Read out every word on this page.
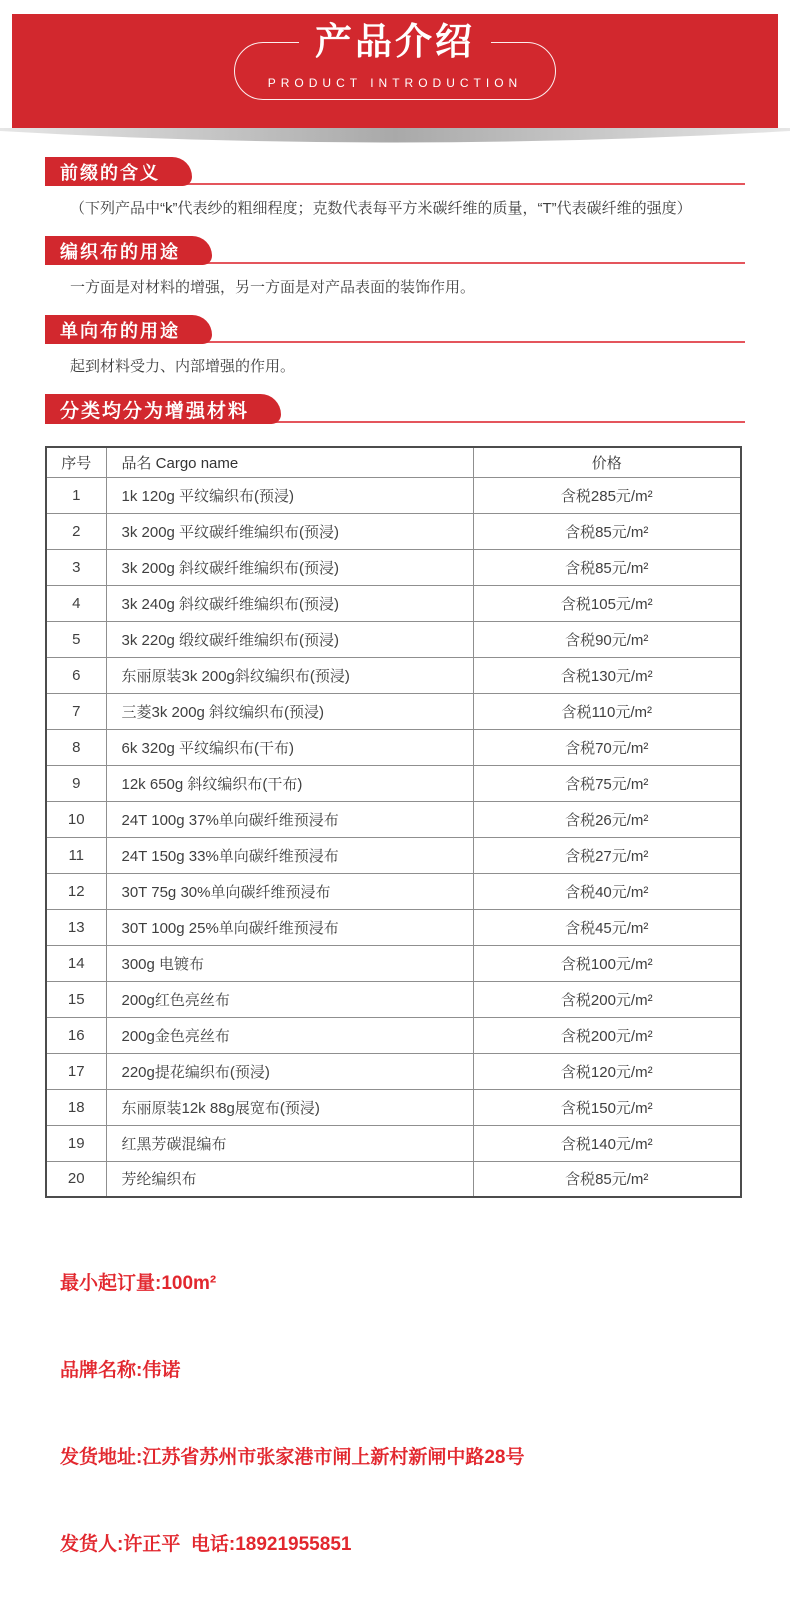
产品介绍
PRODUCT INTRODUCTION
前缀的含义

（下列产品中“k”代表纱的粗细程度；克数代表每平方米碳纤维的质量，“T”代表碳纤维的强度）

编织布的用途

一方面是对材料的增强，另一方面是对产品表面的装饰作用。

单向布的用途

起到材料受力、内部增强的作用。

分类均分为增强材料
序号	品名 Cargo name	价格
1	1k 120g 平纹编织布(预浸)	含税285元/m²
2	3k 200g 平纹碳纤维编织布(预浸)	含税85元/m²
3	3k 200g 斜纹碳纤维编织布(预浸)	含税85元/m²
4	3k 240g 斜纹碳纤维编织布(预浸)	含税105元/m²
5	3k 220g 缎纹碳纤维编织布(预浸)	含税90元/m²
6	东丽原装3k 200g斜纹编织布(预浸)	含税130元/m²
7	三菱3k 200g 斜纹编织布(预浸)	含税110元/m²
8	6k 320g 平纹编织布(干布)	含税70元/m²
9	12k 650g 斜纹编织布(干布)	含税75元/m²
10	24T 100g 37%单向碳纤维预浸布	含税26元/m²
11	24T 150g 33%单向碳纤维预浸布	含税27元/m²
12	30T 75g 30%单向碳纤维预浸布	含税40元/m²
13	30T 100g 25%单向碳纤维预浸布	含税45元/m²
14	300g 电镀布	含税100元/m²
15	200g红色亮丝布	含税200元/m²
16	200g金色亮丝布	含税200元/m²
17	220g提花编织布(预浸)	含税120元/m²
18	东丽原装12k 88g展宽布(预浸)	含税150元/m²
19	红黑芳碳混编布	含税140元/m²
20	芳纶编织布	含税85元/m²

最小起订量:100m²

品牌名称:伟诺

发货地址:江苏省苏州市张家港市闸上新村新闸中路28号

发货人:许正平  电话:18921955851
